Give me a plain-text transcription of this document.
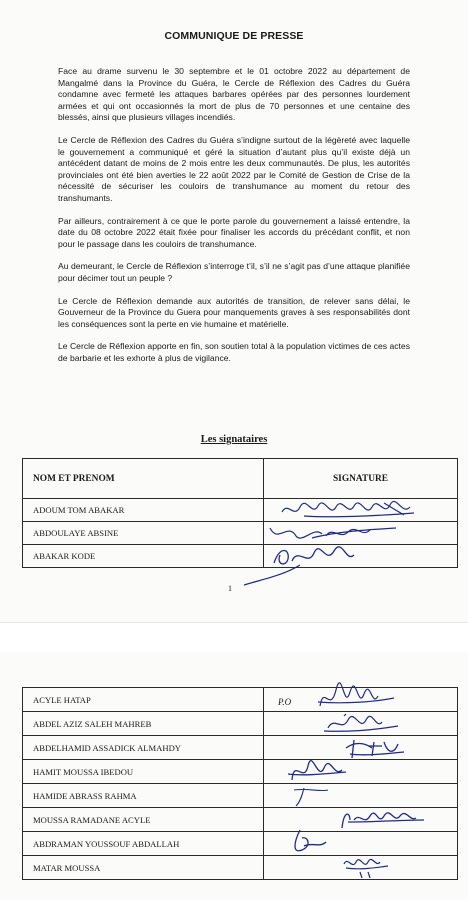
COMMUNIQUE DE PRESSE

Face au drame survenu le 30 septembre et le 01 octobre 2022 au département de Mangalmé dans la Province du Guéra, le Cercle de Réflexion des Cadres du Guéra condamne avec fermeté les attaques barbares opérées par des personnes lourdement armées et qui ont occasionnés la mort de plus de 70 personnes et une centaine des blessés, ainsi que plusieurs villages incendiés.

Le Cercle de Réflexion des Cadres du Guéra s’indigne surtout de la légèreté avec laquelle le gouvernement a communiqué et géré la situation d’autant plus qu’il existe déjà un antécédent datant de moins de 2 mois entre les deux communautés. De plus, les autorités provinciales ont été bien averties le 22 août 2022 par le Comité de Gestion de Crise de la nécessité de sécuriser les couloirs de transhumance au moment du retour des transhumants.

Par ailleurs, contrairement à ce que le porte parole du gouvernement a laissé entendre, la date du 08 octobre 2022 était fixée pour finaliser les accords du précédant conflit, et non pour le passage dans les couloirs de transhumance.

Au demeurant, le Cercle de Réflexion s’interroge t’il, s’il ne s’agit pas d’une attaque planifiée pour décimer tout un peuple ?

Le Cercle de Réflexion demande aux autorités de transition, de relever sans délai, le Gouverneur de la Province du Guera pour manquements graves à ses responsabilités dont les conséquences sont la perte en vie humaine et matérielle.

Le Cercle de Réflexion apporte en fin, son soutien total à la population victimes de ces actes de barbarie et les exhorte à plus de vigilance.

Les signataires
NOM ET PRENOM	SIGNATURE
ADOUM TOM ABAKAR	

ABDOULAYE ABSINE	

ABAKAR KODE	
1
P.O
ACYLE HATAP	

ABDEL AZIZ SALEH MAHREB	

ABDELHAMID ASSADICK ALMAHDY	

HAMIT MOUSSA IBEDOU	

HAMIDE ABRASS RAHMA	

MOUSSA RAMADANE ACYLE	

ABDRAMAN YOUSSOUF ABDALLAH	

MATAR MOUSSA	
